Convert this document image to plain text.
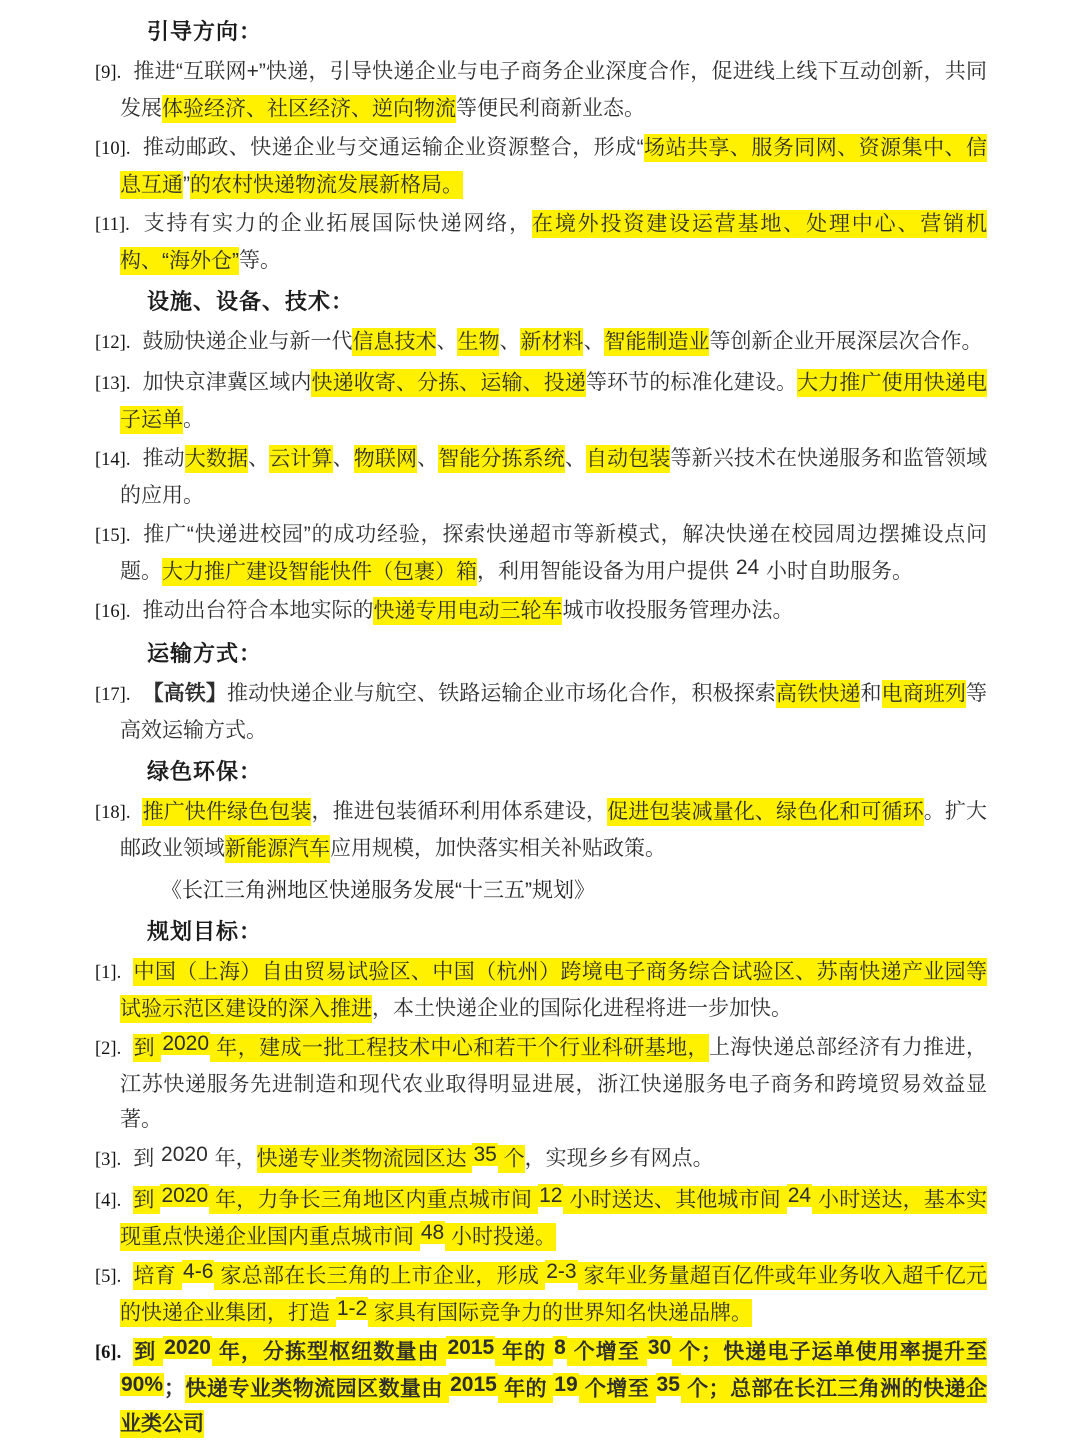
引导方向：
[9]. 推进“互联网+”快递，引导快递企业与电子商务企业深度合作，促进线上线下互动创新，共同发展体验经济、社区经济、逆向物流等便民利商新业态。
[10]. 推动邮政、快递企业与交通运输企业资源整合，形成“场站共享、服务同网、资源集中、信息互通”的农村快递物流发展新格局。
[11]. 支持有实力的企业拓展国际快递网络，在境外投资建设运营基地、处理中心、营销机构、“海外仓”等。
设施、设备、技术：
[12]. 鼓励快递企业与新一代信息技术、生物、新材料、智能制造业等创新企业开展深层次合作。
[13]. 加快京津冀区域内快递收寄、分拣、运输、投递等环节的标准化建设。大力推广使用快递电子运单。
[14]. 推动大数据、云计算、物联网、智能分拣系统、自动包装等新兴技术在快递服务和监管领域的应用。
[15]. 推广“快递进校园”的成功经验，探索快递超市等新模式，解决快递在校园周边摆摊设点问题。大力推广建设智能快件（包裹）箱，利用智能设备为用户提供 24 小时自助服务。
[16]. 推动出台符合本地实际的快递专用电动三轮车城市收投服务管理办法。
运输方式：
[17]. 【高铁】推动快递企业与航空、铁路运输企业市场化合作，积极探索高铁快递和电商班列等高效运输方式。
绿色环保：
[18]. 推广快件绿色包装，推进包装循环利用体系建设，促进包装减量化、绿色化和可循环。扩大邮政业领域新能源汽车应用规模，加快落实相关补贴政策。
《长江三角洲地区快递服务发展“十三五”规划》
规划目标：
[1]. 中国（上海）自由贸易试验区、中国（杭州）跨境电子商务综合试验区、苏南快递产业园等试验示范区建设的深入推进，本土快递企业的国际化进程将进一步加快。
[2]. 到 2020 年，建成一批工程技术中心和若干个行业科研基地，上海快递总部经济有力推进，江苏快递服务先进制造和现代农业取得明显进展，浙江快递服务电子商务和跨境贸易效益显著。
[3]. 到 2020 年，快递专业类物流园区达 35 个，实现乡乡有网点。
[4]. 到 2020 年，力争长三角地区内重点城市间 12 小时送达、其他城市间 24 小时送达，基本实现重点快递企业国内重点城市间 48 小时投递。
[5]. 培育 4-6 家总部在长三角的上市企业，形成 2-3 家年业务量超百亿件或年业务收入超千亿元的快递企业集团，打造 1-2 家具有国际竞争力的世界知名快递品牌。
[6]. 到 2020 年，分拣型枢纽数量由 2015 年的 8 个增至 30 个；快递电子运单使用率提升至 90%；快递专业类物流园区数量由 2015 年的 19 个增至 35 个；总部在长江三角洲的快递企业类公司
